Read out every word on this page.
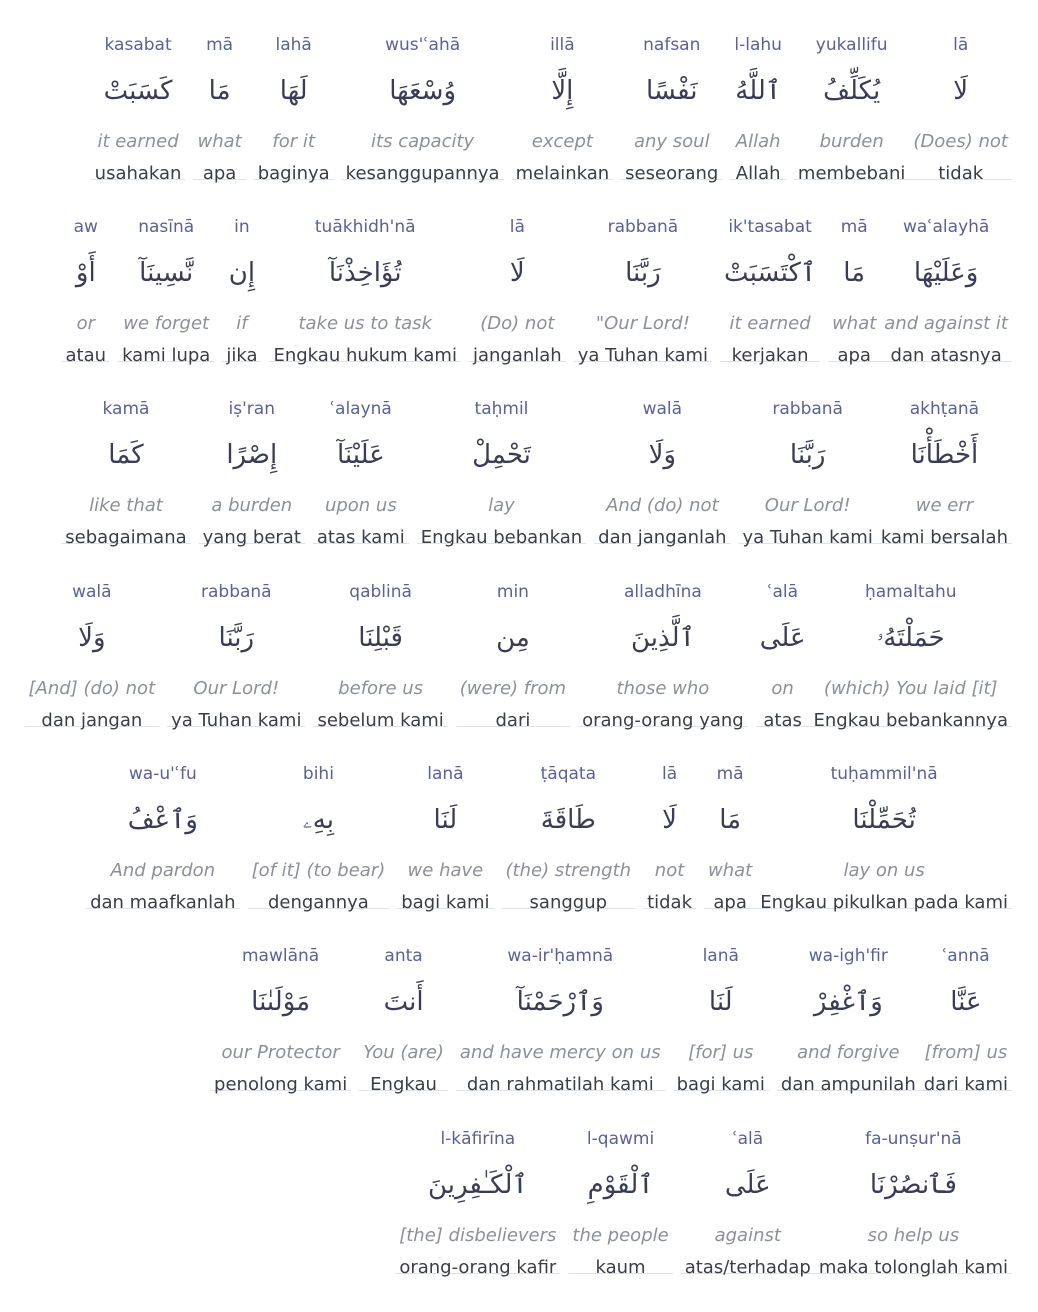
lā
لَا
(Does) not
tidak
yukallifu
يُكَلِّفُ
burden
membebani
l-lahu
ٱللَّهُ
Allah
Allah
nafsan
نَفْسًا
any soul
seseorang
illā
إِلَّا
except
melainkan
wus'ʿahā
وُسْعَهَا
its capacity
kesanggupannya
lahā
لَهَا
for it
baginya
mā
مَا
what
apa
kasabat
كَسَبَتْ
it earned
usahakan
waʿalayhā
وَعَلَيْهَا
and against it
dan atasnya
mā
مَا
what
apa
ik'tasabat
ٱكْتَسَبَتْ
it earned
kerjakan
rabbanā
رَبَّنَا
"Our Lord!
ya Tuhan kami
lā
لَا
(Do) not
janganlah
tuākhidh'nā
تُؤَاخِذْنَآ
take us to task
Engkau hukum kami
in
إِن
if
jika
nasīnā
نَّسِينَآ
we forget
kami lupa
aw
أَوْ
or
atau
akhṭanā
أَخْطَأْنَا
we err
kami bersalah
rabbanā
رَبَّنَا
Our Lord!
ya Tuhan kami
walā
وَلَا
And (do) not
dan janganlah
taḥmil
تَحْمِلْ
lay
Engkau bebankan
ʿalaynā
عَلَيْنَآ
upon us
atas kami
iṣ'ran
إِصْرًا
a burden
yang berat
kamā
كَمَا
like that
sebagaimana
ḥamaltahu
حَمَلْتَهُۥ
(which) You laid [it]
Engkau bebankannya
ʿalā
عَلَى
on
atas
alladhīna
ٱلَّذِينَ
those who
orang-orang yang
min
مِن
(were) from
dari
qablinā
قَبْلِنَا
before us
sebelum kami
rabbanā
رَبَّنَا
Our Lord!
ya Tuhan kami
walā
وَلَا
[And] (do) not
dan jangan
tuḥammil'nā
تُحَمِّلْنَا
lay on us
Engkau pikulkan pada kami
mā
مَا
what
apa
lā
لَا
not
tidak
ṭāqata
طَاقَةَ
(the) strength
sanggup
lanā
لَنَا
we have
bagi kami
bihi
بِهِۦ
[of it] (to bear)
dengannya
wa-u'ʿfu
وَٱعْفُ
And pardon
dan maafkanlah
ʿannā
عَنَّا
[from] us
dari kami
wa-igh'fir
وَٱغْفِرْ
and forgive
dan ampunilah
lanā
لَنَا
[for] us
bagi kami
wa-ir'ḥamnā
وَٱرْحَمْنَآ
and have mercy on us
dan rahmatilah kami
anta
أَنتَ
You (are)
Engkau
mawlānā
مَوْلَىٰنَا
our Protector
penolong kami
fa-unṣur'nā
فَٱنصُرْنَا
so help us
maka tolonglah kami
ʿalā
عَلَى
against
atas/terhadap
l-qawmi
ٱلْقَوْمِ
the people
kaum
l-kāfirīna
ٱلْكَـٰفِرِينَ
[the] disbelievers
orang-orang kafir
